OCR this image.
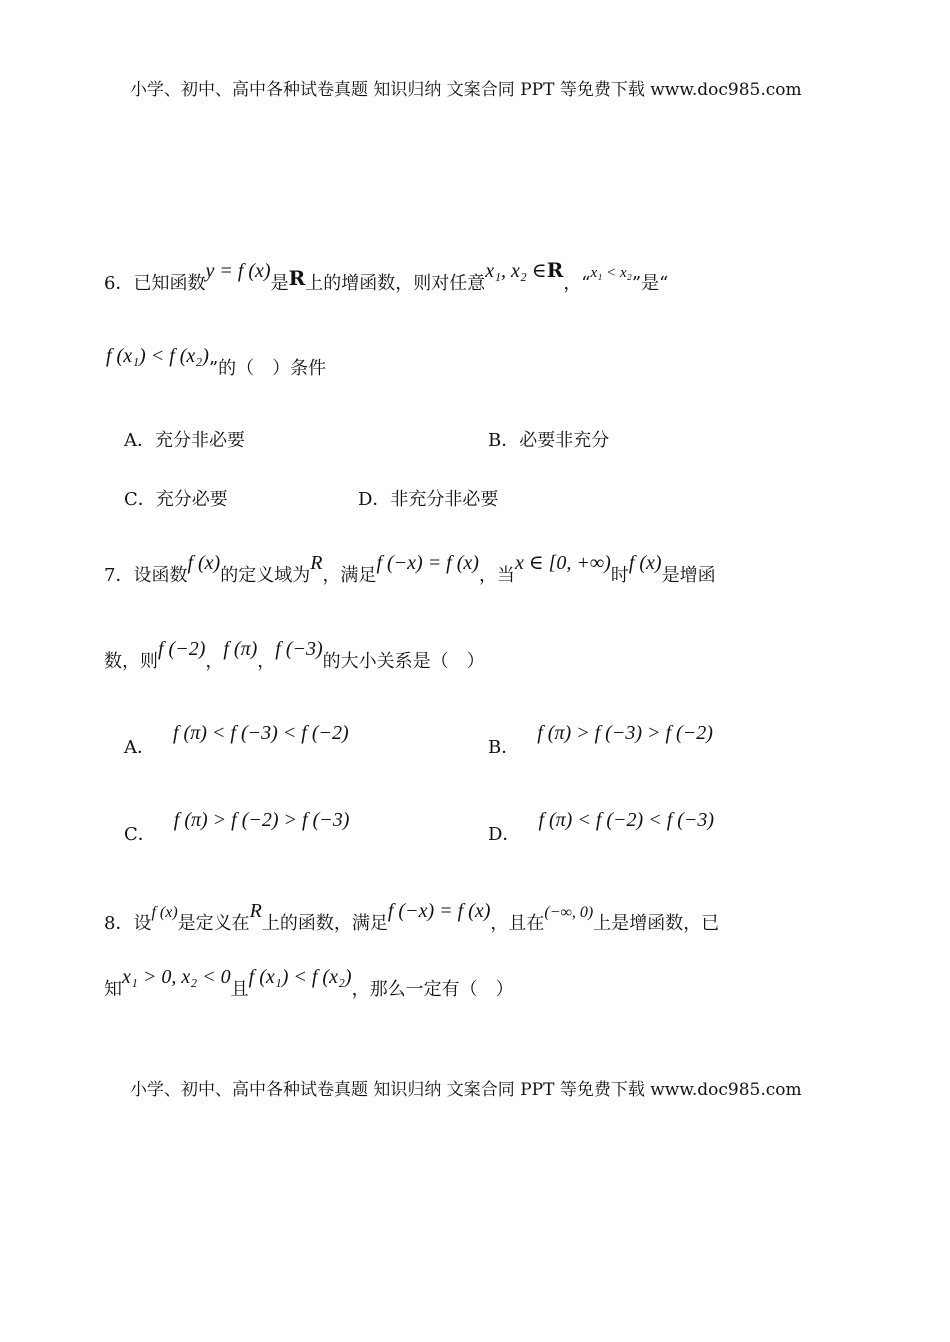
小学、初中、高中各种试卷真题 知识归纳 文案合同 PPT 等免费下载 www.doc985.com
6．已知函数y = f (x)是R上的增函数，则对任意x₁, x₂ ∈R，“$^{x_1 < x_2}$”是“
f (x₁) < f (x₂)”的（　）条件
A．充分非必要	B．必要非充分
C．充分必要	D．非充分非必要
7．设函数f (x)的定义域为R，满足f (−x) = f (x)，当x ∈ [0, +∞)时f (x)是增函
数，则f (−2)，f (π)，f (−3)的大小关系是（　）
A．f (π) < f (−3) < f (−2)
B．f (π) > f (−3) > f (−2)
C．f (π) > f (−2) > f (−3)
D．f (π) < f (−2) < f (−3)
8．设f (x)是定义在R上的函数，满足f (−x) = f (x)，且在(−∞, 0)上是增函数，已
知x₁ > 0, x₂ < 0且f (x₁) < f (x₂)，那么一定有（　）
小学、初中、高中各种试卷真题 知识归纳 文案合同 PPT 等免费下载 www.doc985.com
